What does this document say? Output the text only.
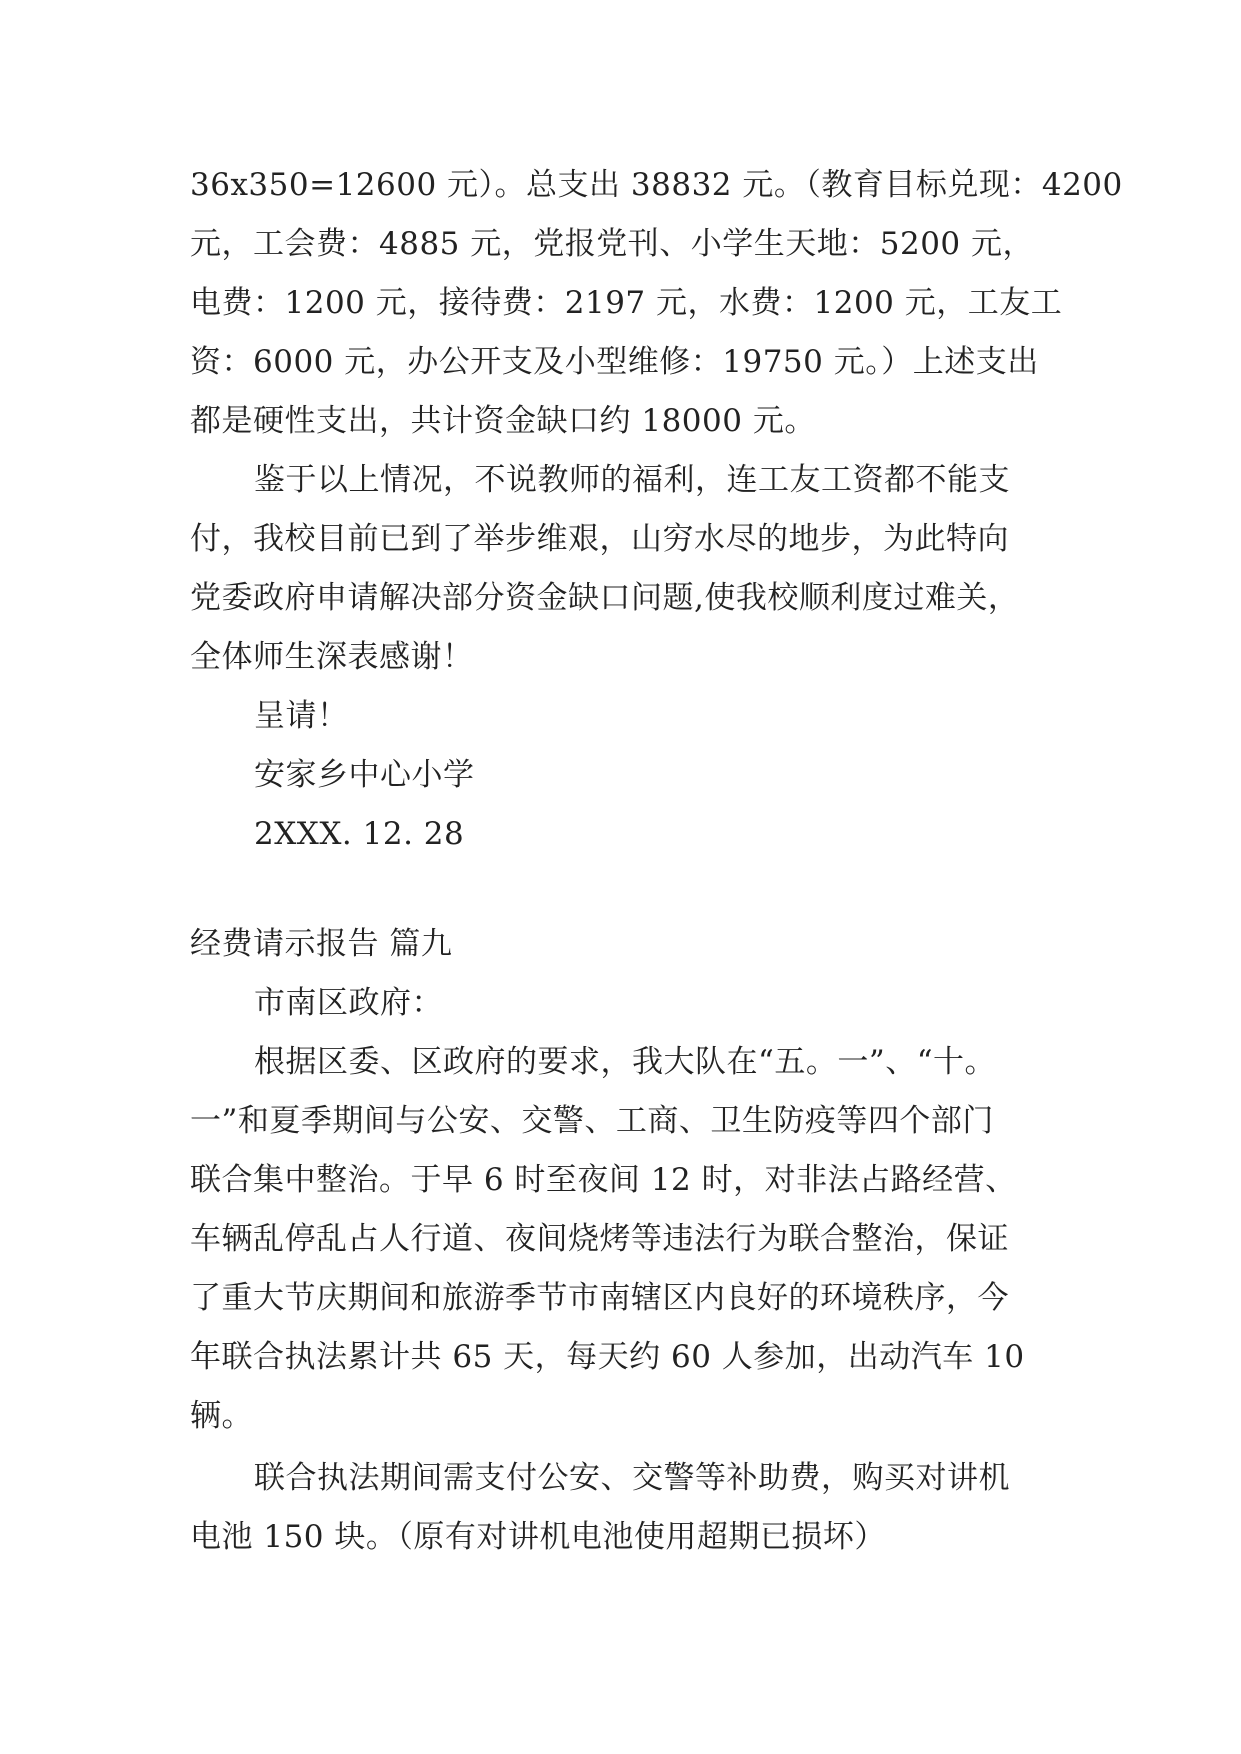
36x350=12600 元）。总支出 38832 元。（教育目标兑现：4200
元，工会费：4885 元，党报党刊、小学生天地：5200 元，
电费：1200 元，接待费：2197 元，水费：1200 元，工友工
资：6000 元，办公开支及小型维修：19750 元。）上述支出
都是硬性支出，共计资金缺口约 18000 元。
鉴于以上情况，不说教师的福利，连工友工资都不能支
付，我校目前已到了举步维艰，山穷水尽的地步，为此特向
党委政府申请解决部分资金缺口问题,使我校顺利度过难关，
全体师生深表感谢！
呈请！
安家乡中心小学
2XXX. 12. 28
经费请示报告 篇九
市南区政府：
根据区委、区政府的要求，我大队在“五。一”、“十。
一”和夏季期间与公安、交警、工商、卫生防疫等四个部门
联合集中整治。于早 6 时至夜间 12 时，对非法占路经营、
车辆乱停乱占人行道、夜间烧烤等违法行为联合整治，保证
了重大节庆期间和旅游季节市南辖区内良好的环境秩序，今
年联合执法累计共 65 天，每天约 60 人参加，出动汽车 10
辆。
联合执法期间需支付公安、交警等补助费，购买对讲机
电池 150 块。（原有对讲机电池使用超期已损坏）
